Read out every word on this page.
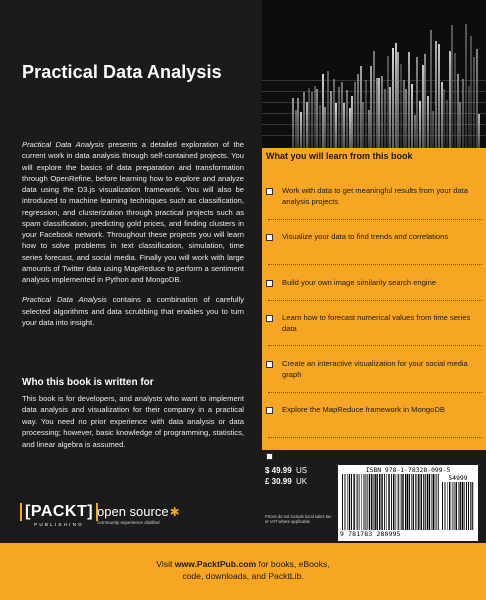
Practical Data Analysis

Practical Data Analysis presents a detailed exploration of the current work in data analysis through self-contained projects. You will explore the basics of data preparation and transformation through OpenRefine, before learning how to explore and analyze data using the D3.js visualization framework. You will also be introduced to machine learning techniques such as classification, regression, and clusterization through practical projects such as spam classification, predicting gold prices, and finding clusters in your Facebook network. Throughout these projects you will learn how to solve problems in text classification, simulation, time series forecast, and social media. Finally you will work with large amounts of Twitter data using MapReduce to perform a sentiment analysis implemented in Python and MongoDB.

Practical Data Analysis contains a combination of carefully selected algorithms and data scrubbing that enables you to turn your data into insight.

Who this book is written for

This book is for developers, and analysts who want to implement data analysis and visualization for their company in a practical way. You need no prior experience with data analysis or data processing; however, basic knowledge of programming, statistics, and linear algebra is assumed.

What you will learn from this book
Work with data to get meaningful results from your data analysis projects
Visualize your data to find trends and correlations
Build your own image similarity search engine
Learn how to forecast numerical values from time series data
Create an interactive visualization for your social media graph
Explore the MapReduce framework in MongoDB
Create interactive simulations with D3.js
$ 49.99 US
£ 30.99 UK
Prices do not include local sales tax or VAT where applicable
ISBN 978-1-78328-099-5
54999
9 781783 280995
[PACKT]
PUBLISHING
open source✱
community experience distilled
Visit www.PacktPub.com for books, eBooks,
code, downloads, and PacktLib.
